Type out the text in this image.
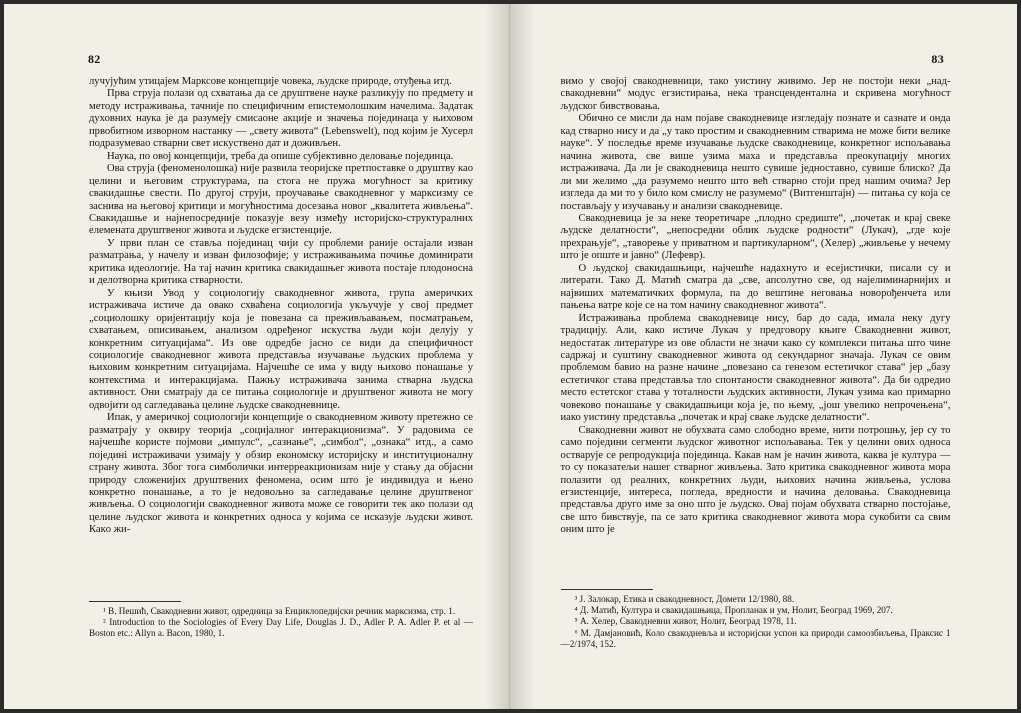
82

лучујућим утицајем Марксове концепције човека, људске природе, отуђења итд.

Прва струја полази од схватања да се друштвене науке разликују по предмету и методу истраживања, тачније по специфичним епистемолошким начелима. Задатак духовних наука је да разумеју смисаоне акције и значења појединаца у њиховом првобитном изворном настанку — „свету живота“ (Lebenswelt), под којим је Хусерл подразумевао стварни свет искуственo дат и доживљен.

Наука, по овој концепцији, треба да опише субјективно деловање појединца.

Ова струја (феноменолошка) није развила теоријске претпоставке о друштву као целини и његовим структурама, па стога не пружа могућност за критику свакидашње свести. По другој струји, проучавање свакодневног у марксизму се заснива на његовој критици и могућностима досезања новог „квалитета живљења“. Свакидашње и најнепосредније показује везу између историјско-структуралних елемената друштвеног живота и људске егзистенције.

У први план се ставља појединац чији су проблеми раније остајали изван разматрања, у начелу и изван филозофије; у истраживањима почиње доминирати критика идеологије. На тај начин критика свакидашњег живота постаје плодоносна и делотворна критика стварности.

У књизи Увод у социологију свакодневног живота, група америчких истраживача истиче да овако схваћена социологија укључује у свој предмет „социолошку оријентацију која је повезана са преживљавањем, посматрањем, схватањем, описивањем, анализом одређеног искуства људи који делују у конкретним ситуацијама“. Из ове одредбе јасно се види да специфичност социологије свакодневног живота представља изучавање људских проблема у њиховим конкретним ситуацијама. Најчешће се има у виду њихово понашање у контекстима и интеракцијама. Пажњу истраживача занима стварна људска активност. Они сматрају да се питања социологије и друштвеног живота не могу одвојити од сагледавања целине људске свакодневнице.

Ипак, у америчкој социологији концепције о свакодневном животу претежно се разматрају у оквиру теорија „социјалног интеракционизма“. У радовима се најчешће користе појмови „импулс“, „сазнање“, „симбол“, „ознака“ итд., а само појединi истраживачи узимају у обзир економску историјску и институционалну страну живота. Због тога симболички интерреакционизам није у стању да објасни природу сложенијих друштвених феномена, осим што је индивидуа и њено конкретно понашање, а то је недовољно за сагледавање целине друштвеног живљења. О социологији свакодневног живота може се говорити тек ако полази од целине људског живота и конкретних односа у којима се исказује људски живот. Какo жи-

¹ В. Пешић, Свакодневни живот, одредница за Енциклопедијски речник марксизма, стр. 1.

² Introduction to the Sociologies of Every Day Life, Douglas J. D., Adler P. A. Adler P. et al — Boston etc.: Allyn a. Bacon, 1980, 1.

83

вимо у својој свакодневници, тако уистину живимо. Јер не постоји неки „над-свакодневни“ модус егзистирања, нека трансцендентална и скривена могућност људског бивствовања.

Обично се мисли да нам појаве свакодневице изгледају познате и сазнате и онда кад стварно нису и да „у тако простим и свакодневним стварима не може бити велике науке“. У последње време изучавање људске свакодневице, конкретног испољавања начина живота, све више узима маха и представља преокупацију многих истраживача. Да ли је свакодневица нешто сувише једноставно, сувише блиско? Да ли ми желимо „да разумемо нешто што већ стварно стоји пред нашим очима? Јер изгледа да ми то у било ком смислу не разумемо“ (Витгенштајн) — питања су која се постављају у изучавању и анализи свакодневице.

Свакодневица је за неке теоретичаре „плодно средиште“, „почетак и крај свеке људске делатности“, „непосредни облик људске родности“ (Лукач), „где које прехрањује“, „таворење у приватном и партикуларном“, (Хелер) „живљење у нечему што је опште и јавно“ (Лефевр).

О људској свакидашњици, најчешће надахнуто и есејистички, писали су и литерати. Тако Д. Матић сматра да „све, апсолутно све, од најелиминарнијих и највиших математичких формула, па до вештине неговања новорођенчета или пањења ватре које се на том начину свакодневног живота“.

Истраживања проблема свакодневице нису, бар до сада, имала неку дугу традицију. Али, како истиче Лукач у предговору књиге Свакодневни живот, недостатак литературе из ове области не значи како су комплекси питања што чине садржај и суштину свакодневног живота од секундарног значаја. Лукач се овим проблемом бавио на разне начине „повезано са генезом естетичког става“ јер „базу естетичког става представља тло спонтаности свакодневног живота“. Да би одредио место естетског става у тоталности људских активности, Лукач узима као примарно човеково понашање у свакидашњици која је, по њему, „још увелико непрочењена“, иако уистину представља „почетак и крај свакe људске делатности“.

Свакодневни живот не обухвата само слободно време, нити потрошњу, јер су то само поједини сегменти људског животног испољавања. Тек у целини ових односа остварује се репродукција појединца. Какав нам је начин живота, каква је култура — то су показатељи нашег стварног живљења. Зато критика свакодневног живота мора полазити од реалних, конкретних људи, њихових начина живљења, услова егзистенције, интереса, погледа, вредности и начина деловања. Свакодневица представља друго име за оно што је људско. Овај појам обухвата стварно постојање, све што бивствује, па се зато критика свакодневног живота мора сукобити са свим оним што је

³ Ј. Залокар, Етика и свакодневност, Домети 12/1980, 88.

⁴ Д. Матић, Култура и свакидашњица, Пропланак и ум, Нолит, Београд 1969, 207.

⁵ А. Хелер, Свакодневни живот, Нолит, Београд 1978, 11.

⁶ М. Дамјановић, Коло свакодневља и историјски успон ка природи самоозбиљења, Праксис 1—2/1974, 152.
